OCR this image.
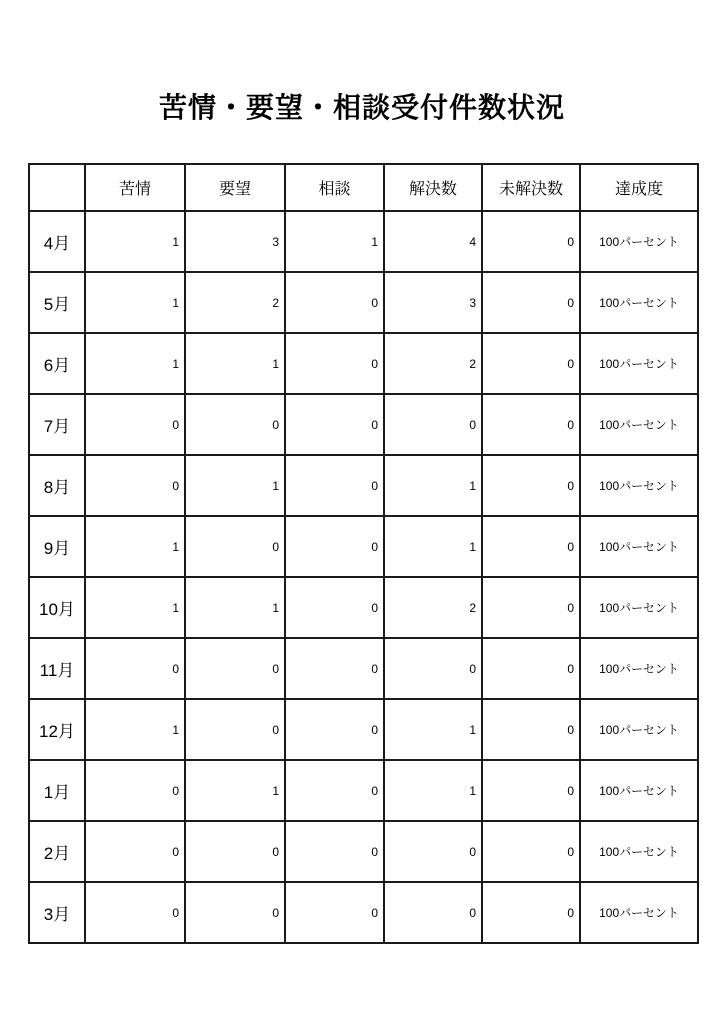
苦情・要望・相談受付件数状況
	苦情	要望	相談	解決数	未解決数	達成度
4月	1	3	1	4	0	100パーセント
5月	1	2	0	3	0	100パーセント
6月	1	1	0	2	0	100パーセント
7月	0	0	0	0	0	100パーセント
8月	0	1	0	1	0	100パーセント
9月	1	0	0	1	0	100パーセント
10月	1	1	0	2	0	100パーセント
11月	0	0	0	0	0	100パーセント
12月	1	0	0	1	0	100パーセント
1月	0	1	0	1	0	100パーセント
2月	0	0	0	0	0	100パーセント
3月	0	0	0	0	0	100パーセント
